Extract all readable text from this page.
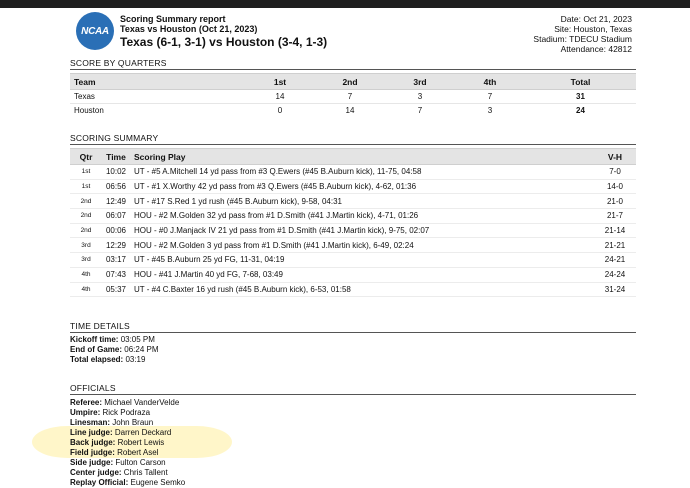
NCAA
Scoring Summary report
Texas vs Houston (Oct 21, 2023)
Texas (6-1, 3-1) vs Houston (3-4, 1-3)
Date: Oct 21, 2023
Site: Houston, Texas
Stadium: TDECU Stadium
Attendance: 42812
SCORE BY QUARTERS
Team	1st	2nd	3rd	4th	Total
Texas	14	7	3	7	31
Houston	0	14	7	3	24
SCORING SUMMARY
Qtr	Time	Scoring Play	V-H
1st	10:02	UT - #5 A.Mitchell 14 yd pass from #3 Q.Ewers (#45 B.Auburn kick), 11-75, 04:58	7-0
1st	06:56	UT - #1 X.Worthy 42 yd pass from #3 Q.Ewers (#45 B.Auburn kick), 4-62, 01:36	14-0
2nd	12:49	UT - #17 S.Red 1 yd rush (#45 B.Auburn kick), 9-58, 04:31	21-0
2nd	06:07	HOU - #2 M.Golden 32 yd pass from #1 D.Smith (#41 J.Martin kick), 4-71, 01:26	21-7
2nd	00:06	HOU - #0 J.Manjack IV 21 yd pass from #1 D.Smith (#41 J.Martin kick), 9-75, 02:07	21-14
3rd	12:29	HOU - #2 M.Golden 3 yd pass from #1 D.Smith (#41 J.Martin kick), 6-49, 02:24	21-21
3rd	03:17	UT - #45 B.Auburn 25 yd FG, 11-31, 04:19	24-21
4th	07:43	HOU - #41 J.Martin 40 yd FG, 7-68, 03:49	24-24
4th	05:37	UT - #4 C.Baxter 16 yd rush (#45 B.Auburn kick), 6-53, 01:58	31-24
TIME DETAILS
Kickoff time: 03:05 PM
End of Game: 06:24 PM
Total elapsed: 03:19
OFFICIALS
Referee: Michael VanderVelde
Umpire: Rick Podraza
Linesman: John Braun
Line judge: Darren Deckard
Back judge: Robert Lewis
Field judge: Robert Asel
Side judge: Fulton Carson
Center judge: Chris Tallent
Replay Official: Eugene Semko
